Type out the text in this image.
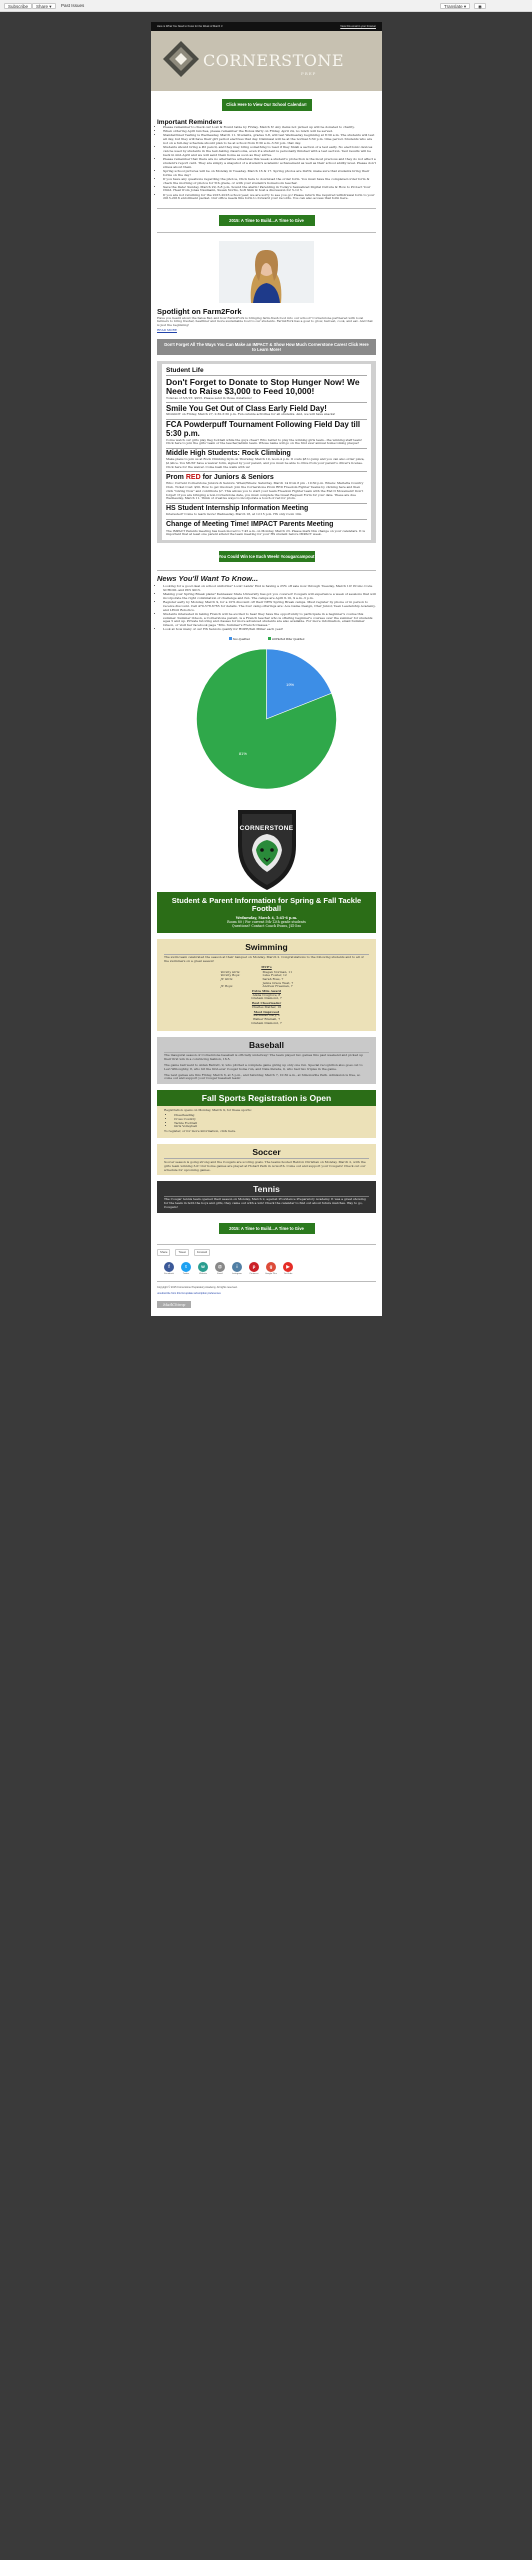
Subscribe	Share ▾	Past Issues	Translate ▾	◉
Here is What You Need to Know for the Week of March 3	View this email in your browser
CORNERSTONE
PREP
Click Here to View Our School Calendar!
Important Reminders
• Please remember to check our Lost & Found table by Friday, March 6! Any items not picked up will be donated to charity.
• When ordering April lunches, please remember the Bonus Party on Friday, April 24, no lunch will be served.
• Standardized Testing is Wednesday, March 11. Students, grades 3-8, will test Wednesday beginning at 8:30 a.m. The students will test all day, but they will have their gift period electives that day. Dismissal will be at the normal 3:30 p.m. time period. Students who are not on a full-day schedule should plan to be at school from 8:30 a.m.-3:30 p.m. that day.
• Students should bring a #2 pencil, and they may bring something to read if they finish a section of a test early. No electronic devices can be used by students in the test-taking classrooms, even if a student is personally finished with a test section. Test results will be back in mid-April and we will send them home as soon as they arrive.
• Please remember that there are no alternative schedules this week; a student's protection is the most precious and they do not affect a student's report card. They are simply a snapshot of a student's academic achievement as well as their school ability level. Please don't stress about them.
• Spring school pictures will be on Monday & Tuesday, March 16 & 17. Spring photos are DAYS; make sure that students bring their forms on the day!
• If you have any questions regarding the photos, Click here to download the order form. You must have the completed order form & check the morning of photos for 5th grade, or with your student's homeroom teacher.
• Save the Date! Sunday, March 29, 6-8 p.m. Sound the alarm! Parenting in Today's Sexualized Digital Culture & How to Protect Your Child. Hear from Jonas Naumann, Susan Nortis, Soft Skin & host a discussion for 5-12 5.
• If you are not returning for the 2015-2016 school year, we are sorry to see you go! Please return the required withdrawal form to your 2015-2016 enrollment packet. Our office needs this form to forward your records. You can also access that form here.
2015: A Time to Build...A Time to Give
Spotlight on Farm2Fork
Have you heard about the Salsa Bar, and how Farm2Fork is bringing farm-fresh food into our school? Cornerstone partnered with local farmers to bring fresher, healthier and more sustainable food to our students. Farm2Fork has a goal to grow, harvest, cook, and eat. And that is just the beginning!
READ MORE
Don't Forget All The Ways You Can Make an IMPACT & Show How Much Cornerstone Cares! Click Here to Learn More!
Student Life
Don't Forget to Donate to Stop Hunger Now! We Need to Raise $3,000 to Feed 10,000!
Total as of 3/3/15: $953. Please send in those donations!
Smile You Get Out of Class Early Field Day!
SIGGGOT on Friday, March 27, 2:30-3:30 p.m. Fun outside activities for all students. And, we will have snacks!
FCA Powderpuff Tournament Following Field Day till 5:30 p.m.
Come watch our girls play flag football while the guys cheer! Who better to play the winning girls team...the winning staff team! Click here to join the girls' team or the teacher/admin team. Whose name will go on the first ever annual homecoming plaque?
Middle High Students: Rock Climbing
Make plans to join us at Rock Climbing Gym on Thursday, March 19, noon-4 p.m. It costs $8 to jump and you can also order pizza, $1/slice. You MUST have a waiver form, signed by your parent, and you must be able to drive from your parent's driver's license. Click here for the waiver. Come bash the walls with us!
Prom RED for Juniors & Seniors
Who: Current Cornerstone Juniors & Seniors. When/Where: Saturday, March 14 from 8 pm - 10:30 p.m. Where: Marietta Country Club. Ticket Cost: $50. How to get involved: Join the Cornerstone Prom RED Freedom Fighter Teams by clicking here and then click "Giving Now" and contribute $7. This allows you to start your team Freedom Fighter team with the End It Movement! Don't forget! If you are bringing a non-Cornerstone date, you must complete the Guest Request Form for your date. These are due Wednesday, March 11. Think of creative ways to incorporate a touch of red for prom.
HS Student Internship Information Meeting
Interested? Come to learn more! Wednesday, March 18, at 12:15 p.m. HS only room 104.
Change of Meeting Time! IMPACT Parents Meeting
The IMPACT Parents meeting has been moved to 7:45 a.m. on Monday, March 23. Please mark this change on your calendars. It is important that at least one parent attend the team meeting for your HS student before IMPACT week.
You Could Win Ice Each Week! #cougarcampout
News You'll Want To Know...
• Looking for a good deal on school uniforms? Look! Lands' End is having a 25% off sale now through Tuesday, March 10! Promo Code SCHOOL and PIN 9015.
• Making your Spring Break plans? Kennesaw State University has got you covered! Cougars will experience a week of sessions that will incorporate the right combination of challenge and fun. The camps are April 6-10, 9 a.m.-3 p.m.
• Register early by Monday, March 9, for a 10% discount off their NEW Spring Break camps. Must register by phone or in person to receive discount. Call 470-578-6765 for details. The four camp offerings are: Ace Game Design, Chef Junior, Teen Leadership Academy, and LEGO Robotics.
• Students interested in taking French will be excited to hear they have the opportunity to participate in a beginner's course this summer. Summer Odeon, a Cornerstone parent, is a French teacher who is offering beginner's courses over the summer for students ages 5 and up. Private tutoring and classes for more advanced students are also available. For more information, email Summer Odeon, or visit her facebook page "Mrs. Summer's French Classes."
• Look at how many of our HS Seniors qualify for HOPE/Zell Miller each year!
Non-Qualified	HOPE/Zell Miller Qualified
19%
81%
CORNERSTONE
Student & Parent Information for Spring & Fall Tackle Football
Wednesday, March 4, 5:45-6 p.m.
Room 80 / For current 5th-12th grade students
Questions? Contact Coach Evans, Jill Ozo
Swimming

The swim team celebrated the season at their banquet on Monday, March 2. Congratulations to the following students and to all of the swimmers on a great season!

MVP's
Varsity Girls:	Megan Norman, 11
Varsity Boys:	Luke Fowler, 12
JV Girls:	Sarah Ross, 7
Jenna Grace West, 7
JV Boys:	Andrew Freeman, 7
Extra Mile Award
Alana Cosgrove, 8
Graham Diamond, 7
Best Cheerleader
Charles Mather, 10
Most Improved
Savannah Bary, 8
Walker Bramall, 7
Graham Diamond, 7
Baseball

The inaugural season of Cornerstone baseball is officially underway! The team played two games this past weekend and picked up their first win in a convincing fashion, 16-5.

The game ball went to Aidan Barrett, 9, who pitched a complete game giving up only one run. Special recognition also goes out to Levi Willoughby, 8, who hit the first-ever Cougar home run, and Nate Pereda, 9, who had two triples in the game.

The next games are this Friday, March 6, at 5 p.m., and Saturday, March 7, 10:30 a.m., at Simonsville Park. Admission is free, so come out and support your Cougar baseball team!

Fall Sports Registration is Open
Registration opens on Monday, March 9, for these sports:
• Cheerleading
• Cross Country
• Tackle Football
• Girls Volleyball
To register, or for more information, click here.
Soccer

Soccer season is going strong and the Cougars are scoring goals. The teams hosted Hebron Christian on Monday, March 2, with the girls team winning 3-0! Our home games are played at Hobart Park in Acworth. Come out and support your Cougars! Check out our schedule for upcoming games.

Tennis

The Cougar tennis team opened their season on Monday, March 2, against Providence Preparatory Academy. It was a great showing for the team in both the boys and girls, they came out with a win! Check the calendar to find out about future matches. Way to go, Cougars!

2015: A Time to Build...A Time to Give
Share	Tweet	Forward
f
Facebook
t
Twitter
w
Website
@
Email
i
Instagram
p
Pinterest
g
Google Plus
▶
YouTube
Copyright © 2015 Cornerstone Preparatory Academy, All rights reserved.
unsubscribe from this list update subscription preferences
MailChimp
